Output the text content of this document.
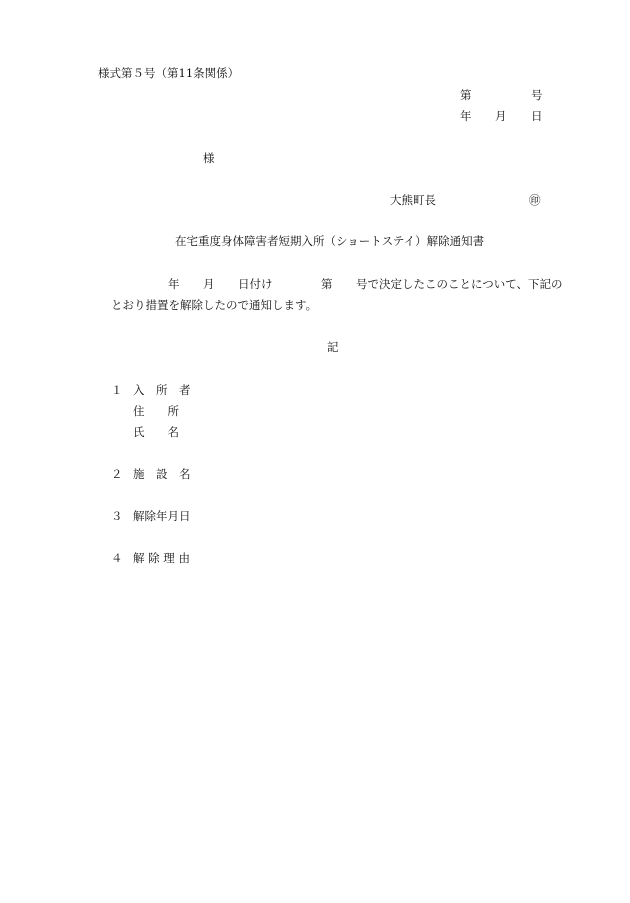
様式第５号（第11条関係）
第	号
年 月 日
様
大熊町長	㊞
在宅重度身体障害者短期入所（ショートステイ）解除通知書
年 月 日付け	第 号で決定したこのことについて、下記の
とおり措置を解除したので通知します。
記
１ 入　所　者
住　　所
氏　　名
２ 施　設　名
３ 解除年月日
４ 解 除 理 由
